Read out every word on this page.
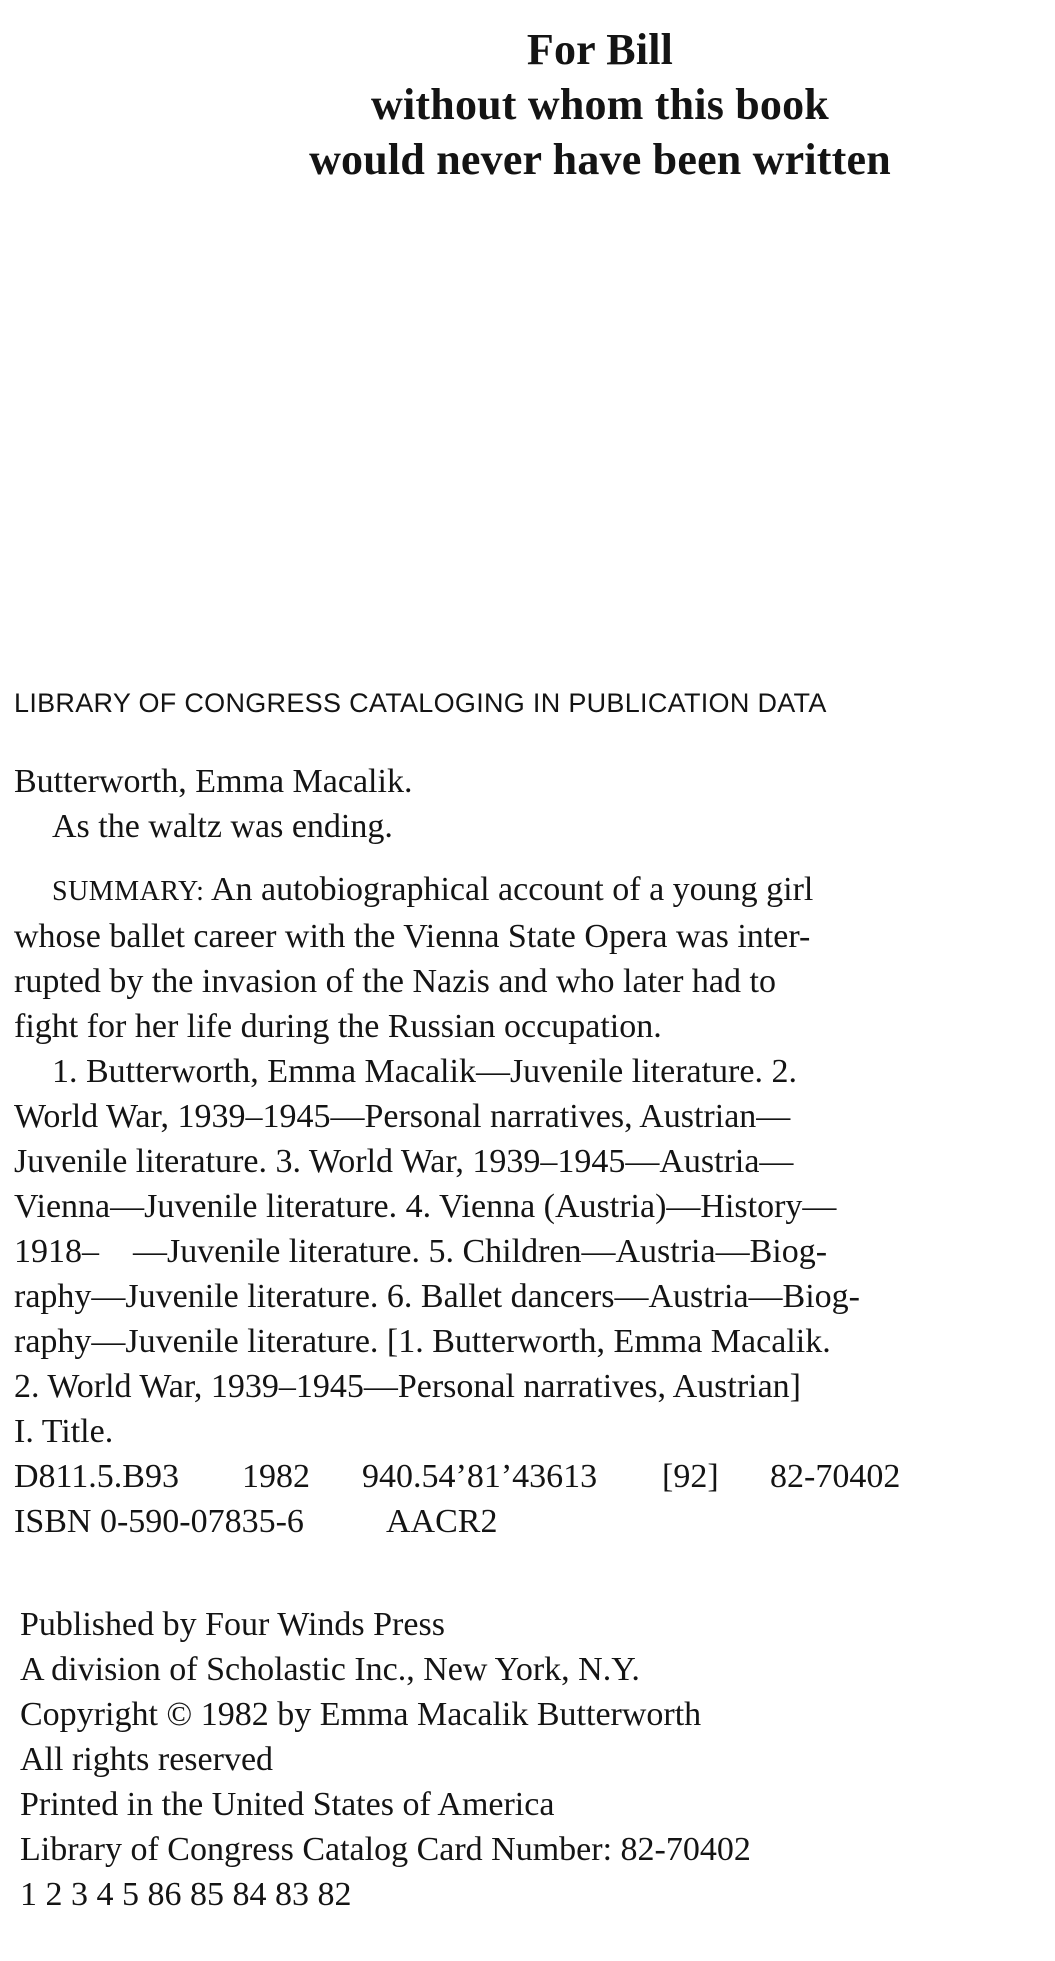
For Bill
without whom this book
would never have been written
LIBRARY OF CONGRESS CATALOGING IN PUBLICATION DATA
Butterworth, Emma Macalik.
As the waltz was ending.
SUMMARY: An autobiographical account of a young girl
whose ballet career with the Vienna State Opera was inter-
rupted by the invasion of the Nazis and who later had to
fight for her life during the Russian occupation.
1. Butterworth, Emma Macalik—Juvenile literature. 2.
World War, 1939–1945—Personal narratives, Austrian—
Juvenile literature. 3. World War, 1939–1945—Austria—
Vienna—Juvenile literature. 4. Vienna (Austria)—History—
1918–    —Juvenile literature. 5. Children—Austria—Biog-
raphy—Juvenile literature. 6. Ballet dancers—Austria—Biog-
raphy—Juvenile literature. [1. Butterworth, Emma Macalik.
2. World War, 1939–1945—Personal narratives, Austrian]
I. Title.
D811.5.B93 1982 940.54’81’43613 [92] 82-70402
ISBN 0-590-07835-6 AACR2
Published by Four Winds Press
A division of Scholastic Inc., New York, N.Y.
Copyright © 1982 by Emma Macalik Butterworth
All rights reserved
Printed in the United States of America
Library of Congress Catalog Card Number: 82-70402
1 2 3 4 5 86 85 84 83 82
